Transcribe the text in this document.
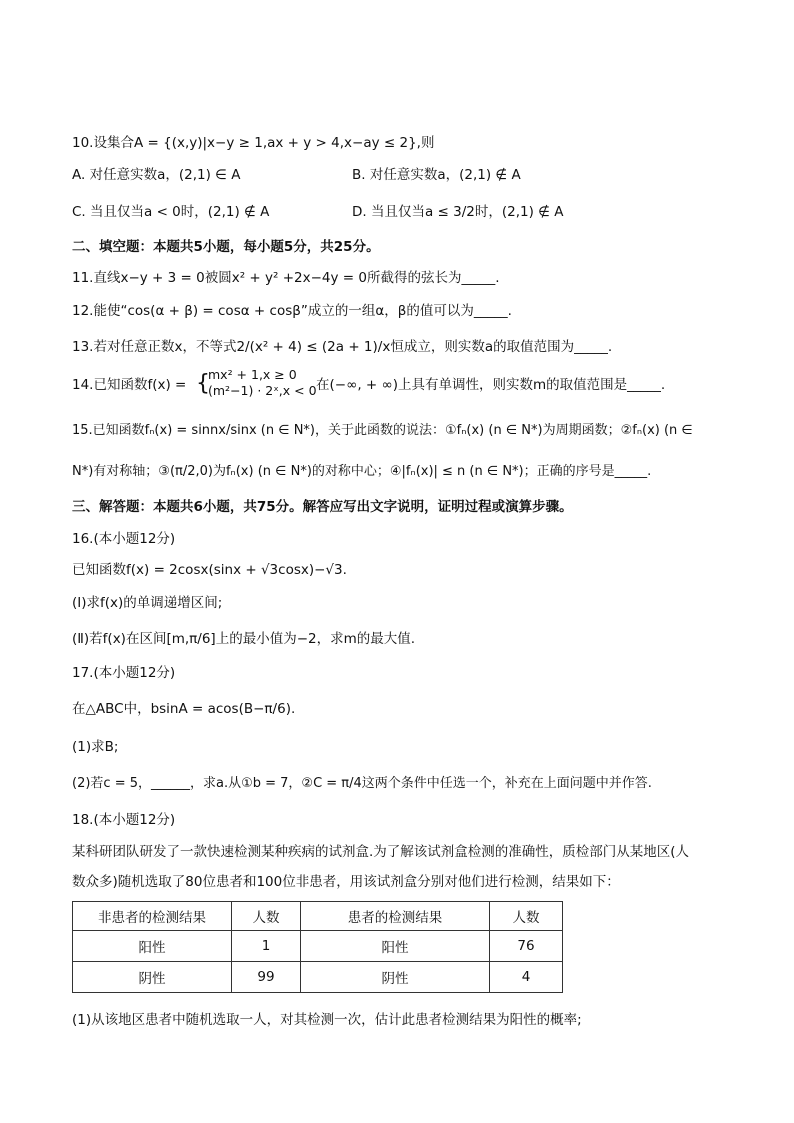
10.设集合A = {(x,y)|x−y ≥ 1,ax + y > 4,x−ay ≤ 2},则
A. 对任意实数a，(2,1) ∈ A	B. 对任意实数a，(2,1) ∉ A
C. 当且仅当a < 0时，(2,1) ∉ A	D. 当且仅当a ≤ 3/2时，(2,1) ∉ A
二、填空题：本题共5小题，每小题5分，共25分。
11.直线x−y + 3 = 0被圆x² + y² +2x−4y = 0所截得的弦长为_____.
12.能使“cos(α + β) = cosα + cosβ”成立的一组α，β的值可以为_____.
13.若对任意正数x，不等式2/(x² + 4) ≤ (2a + 1)/x恒成立，则实数a的取值范围为_____.
14.已知函数f(x) = {
mx² + 1,x ≥ 0
(m²−1) · 2ˣ,x < 0 在(−∞, + ∞)上具有单调性，则实数m的取值范围是_____.
15.已知函数fₙ(x) = sinnx/sinx (n ∈ N*)，关于此函数的说法：①fₙ(x) (n ∈ N*)为周期函数；②fₙ(x) (n ∈
N*)有对称轴；③(π/2,0)为fₙ(x) (n ∈ N*)的对称中心；④|fₙ(x)| ≤ n (n ∈ N*)；正确的序号是_____.
三、解答题：本题共6小题，共75分。解答应写出文字说明，证明过程或演算步骤。
16.(本小题12分)
已知函数f(x) = 2cosx(sinx + √3cosx)−√3.
(Ⅰ)求f(x)的单调递增区间;
(Ⅱ)若f(x)在区间[m,π/6]上的最小值为−2，求m的最大值.
17.(本小题12分)
在△ABC中，bsinA = acos(B−π/6).
(1)求B;
(2)若c = 5，______，求a.从①b = 7，②C = π/4这两个条件中任选一个，补充在上面问题中并作答.
18.(本小题12分)
某科研团队研发了一款快速检测某种疾病的试剂盒.为了解该试剂盒检测的准确性，质检部门从某地区(人
数众多)随机选取了80位患者和100位非患者，用该试剂盒分别对他们进行检测，结果如下：
非患者的检测结果	人数	患者的检测结果	人数
阳性	1	阳性	76
阴性	99	阴性	4
(1)从该地区患者中随机选取一人，对其检测一次，估计此患者检测结果为阳性的概率;
